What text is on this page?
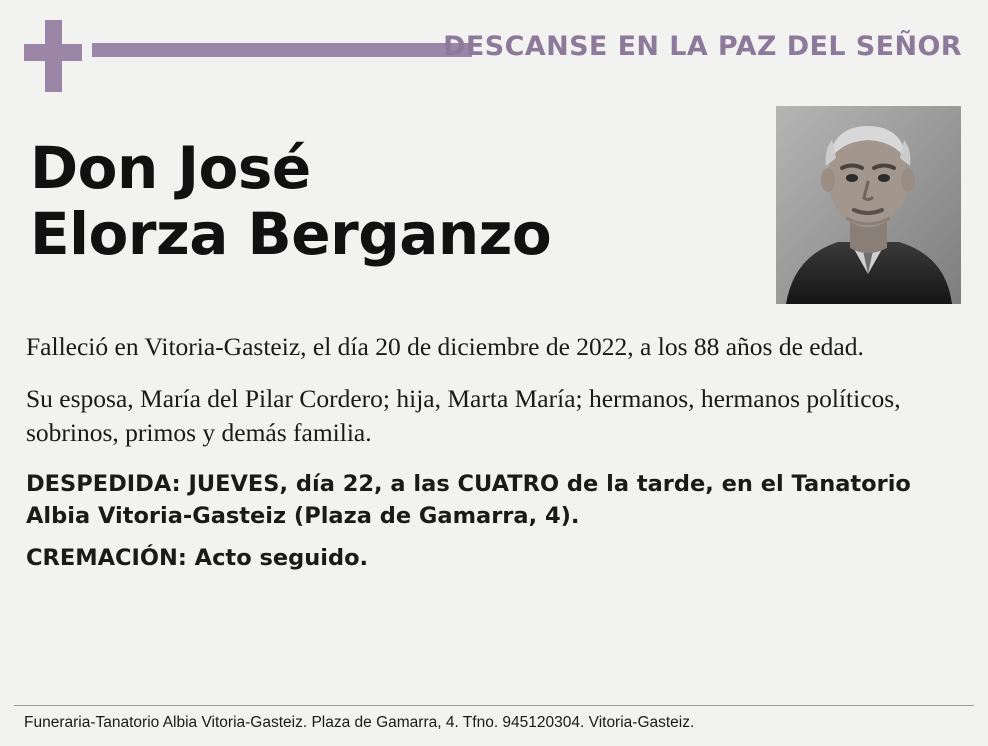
DESCANSE EN LA PAZ DEL SEÑOR
Don José
Elorza Berganzo
Falleció en Vitoria-Gasteiz, el día 20 de diciembre de 2022, a los 88 años de edad.
Su esposa, María del Pilar Cordero; hija, Marta María; hermanos, hermanos políticos, sobrinos, primos y demás familia.
DESPEDIDA: JUEVES, día 22, a las CUATRO de la tarde, en el Tanatorio Albia Vitoria-Gasteiz (Plaza de Gamarra, 4).
CREMACIÓN: Acto seguido.
Funeraria-Tanatorio Albia Vitoria-Gasteiz. Plaza de Gamarra, 4. Tfno. 945120304. Vitoria-Gasteiz.
